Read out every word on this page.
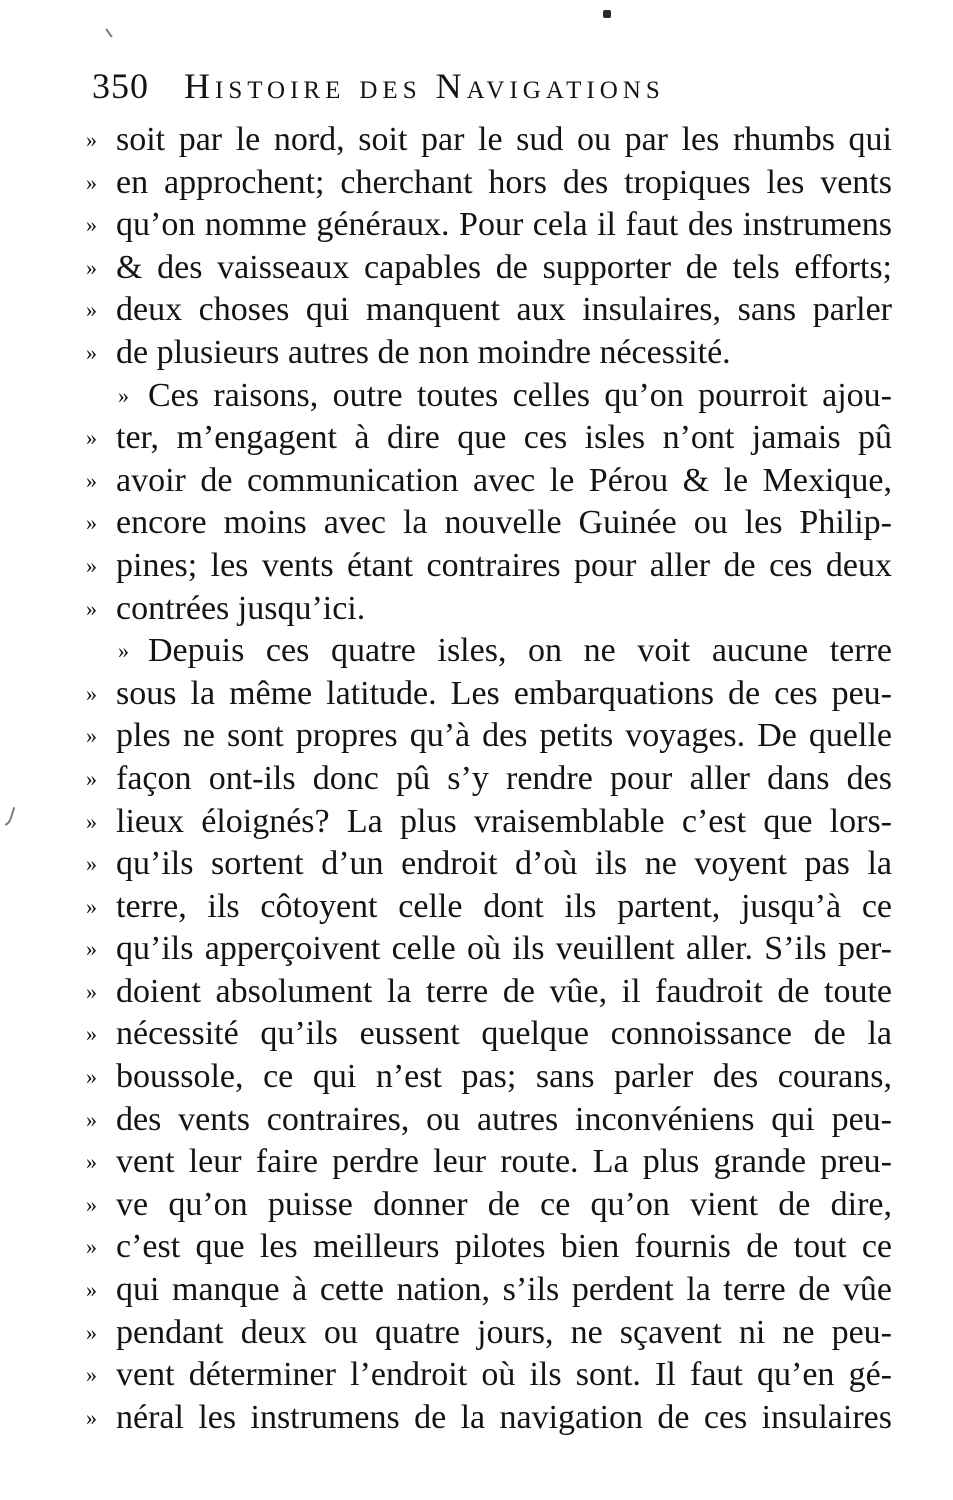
350 Histoire des Navigations
» soit par le nord, soit par le sud ou par les rhumbs qui
» en approchent; cherchant hors des tropiques les vents
» qu’on nomme généraux. Pour cela il faut des instrumens
» & des vaisseaux capables de supporter de tels efforts;
» deux choses qui manquent aux insulaires, sans parler
» de plusieurs autres de non moindre nécessité.
» Ces raisons, outre toutes celles qu’on pourroit ajou-
» ter, m’engagent à dire que ces isles n’ont jamais pû
» avoir de communication avec le Pérou & le Mexique,
» encore moins avec la nouvelle Guinée ou les Philip-
» pines; les vents étant contraires pour aller de ces deux
» contrées jusqu’ici.
» Depuis ces quatre isles, on ne voit aucune terre
» sous la même latitude. Les embarquations de ces peu-
» ples ne sont propres qu’à des petits voyages. De quelle
» façon ont-ils donc pû s’y rendre pour aller dans des
» lieux éloignés? La plus vraisemblable c’est que lors-
» qu’ils sortent d’un endroit d’où ils ne voyent pas la
» terre, ils côtoyent celle dont ils partent, jusqu’à ce
» qu’ils apperçoivent celle où ils veuillent aller. S’ils per-
» doient absolument la terre de vûe, il faudroit de toute
» nécessité qu’ils eussent quelque connoissance de la
» boussole, ce qui n’est pas; sans parler des courans,
» des vents contraires, ou autres inconvéniens qui peu-
» vent leur faire perdre leur route. La plus grande preu-
» ve qu’on puisse donner de ce qu’on vient de dire,
» c’est que les meilleurs pilotes bien fournis de tout ce
» qui manque à cette nation, s’ils perdent la terre de vûe
» pendant deux ou quatre jours, ne sçavent ni ne peu-
» vent déterminer l’endroit où ils sont. Il faut qu’en gé-
» néral les instrumens de la navigation de ces insulaires
